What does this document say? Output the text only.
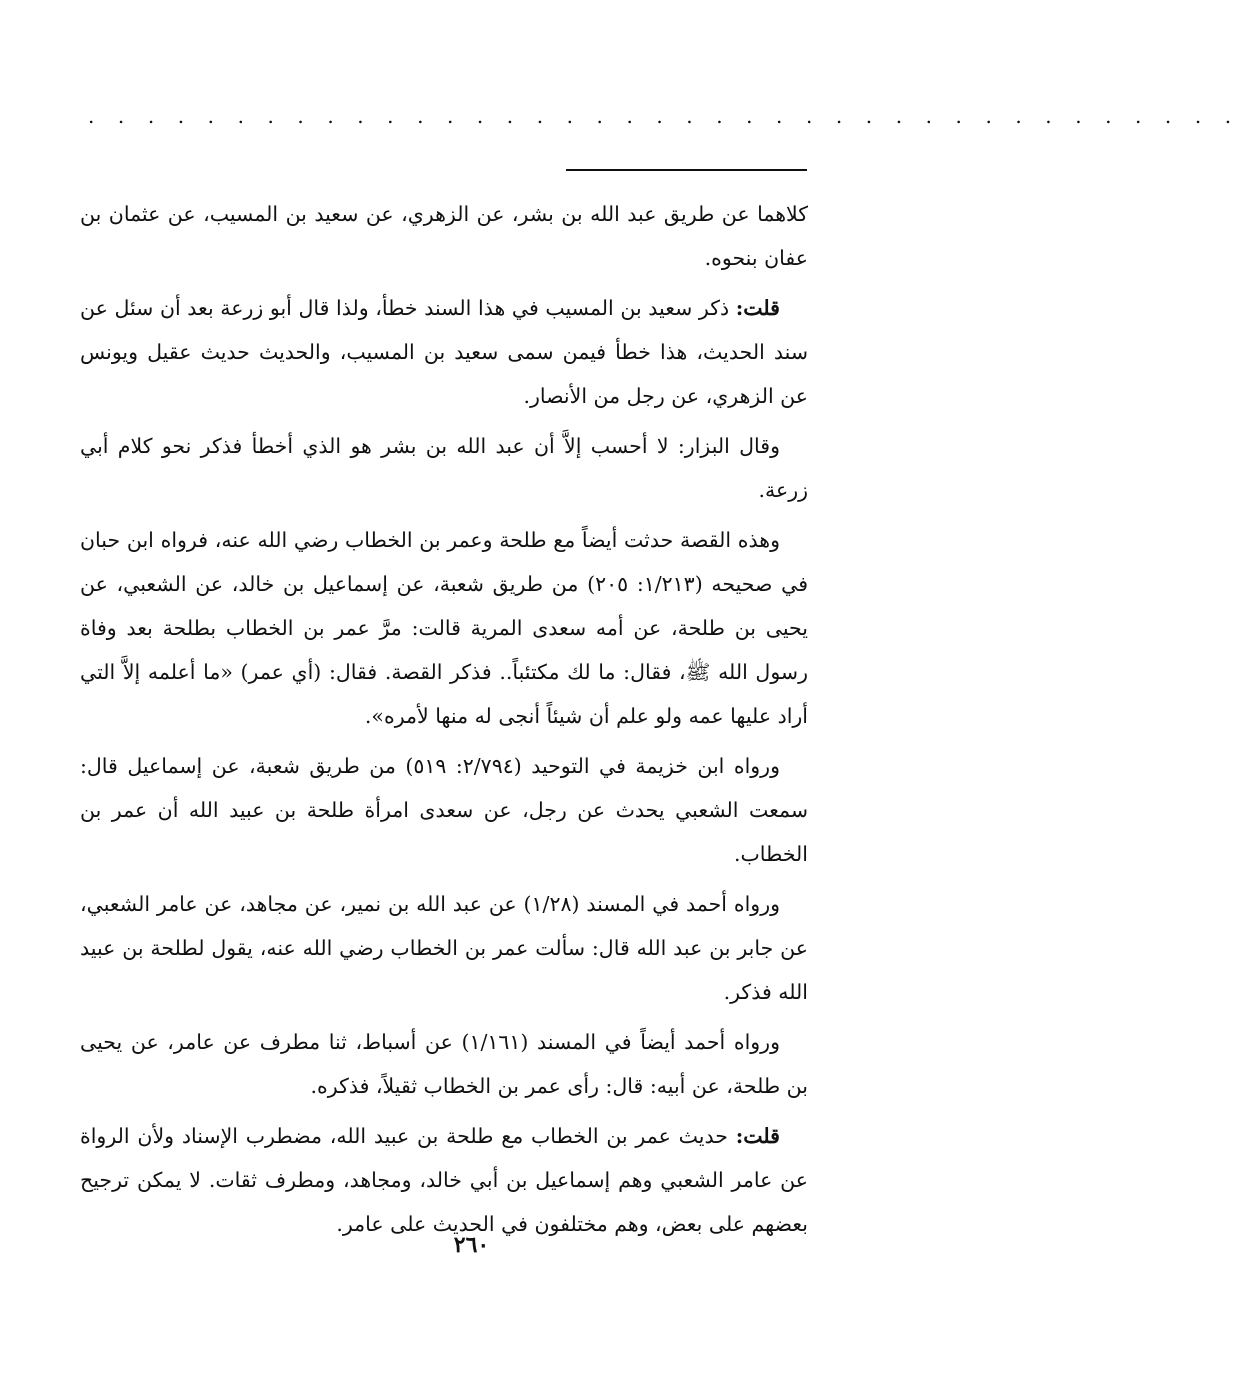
. . . . . . . . . . . . . . . . . . . . . . . . . . . . . . . . . . . . . . .

كلاهما عن طريق عبد الله بن بشر، عن الزهري، عن سعيد بن المسيب، عن عثمان بن عفان بنحوه.

قلت: ذكر سعيد بن المسيب في هذا السند خطأ، ولذا قال أبو زرعة بعد أن سئل عن سند الحديث، هذا خطأ فيمن سمى سعيد بن المسيب، والحديث حديث عقيل ويونس عن الزهري، عن رجل من الأنصار.

وقال البزار: لا أحسب إلاَّ أن عبد الله بن بشر هو الذي أخطأ فذكر نحو كلام أبي زرعة.

وهذه القصة حدثت أيضاً مع طلحة وعمر بن الخطاب رضي الله عنه، فرواه ابن حبان في صحيحه (١/٢١٣: ٢٠٥) من طريق شعبة، عن إسماعيل بن خالد، عن الشعبي، عن يحيى بن طلحة، عن أمه سعدى المرية قالت: مرَّ عمر بن الخطاب بطلحة بعد وفاة رسول الله ﷺ، فقال: ما لك مكتئباً.. فذكر القصة. فقال: (أي عمر) «ما أعلمه إلاَّ التي أراد عليها عمه ولو علم أن شيئاً أنجى له منها لأمره».

ورواه ابن خزيمة في التوحيد (٢/٧٩٤: ٥١٩) من طريق شعبة، عن إسماعيل قال: سمعت الشعبي يحدث عن رجل، عن سعدى امرأة طلحة بن عبيد الله أن عمر بن الخطاب.

ورواه أحمد في المسند (١/٢٨) عن عبد الله بن نمير، عن مجاهد، عن عامر الشعبي، عن جابر بن عبد الله قال: سألت عمر بن الخطاب رضي الله عنه، يقول لطلحة بن عبيد الله فذكر.

ورواه أحمد أيضاً في المسند (١/١٦١) عن أسباط، ثنا مطرف عن عامر، عن يحيى بن طلحة، عن أبيه: قال: رأى عمر بن الخطاب ثقيلاً، فذكره.

قلت: حديث عمر بن الخطاب مع طلحة بن عبيد الله، مضطرب الإسناد ولأن الرواة عن عامر الشعبي وهم إسماعيل بن أبي خالد، ومجاهد، ومطرف ثقات. لا يمكن ترجيح بعضهم على بعض، وهم مختلفون في الحديث على عامر.

٢٦٠
